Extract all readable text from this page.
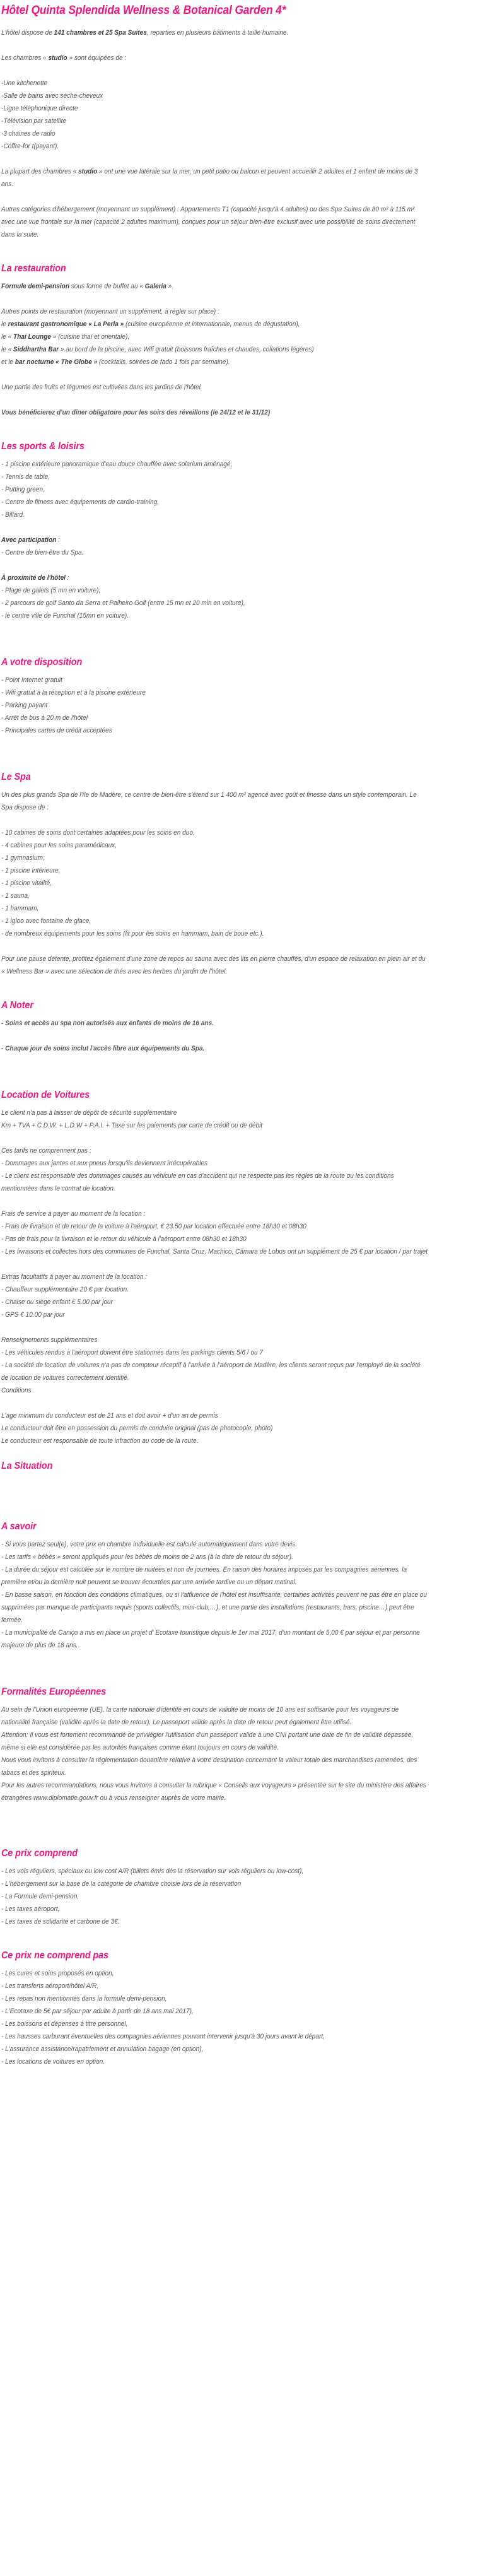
Hôtel Quinta Splendida Wellness & Botanical Garden 4*

L'hôtel dispose de 141 chambres et 25 Spa Suites, reparties en plusieurs bâtiments à taille humaine.

Les chambres « studio » sont équipées de :

-Une kitchenette
-Salle de bains avec sèche-cheveux
-Ligne téléphonique directe
-Télévision par satellite
-3 chaines de radio
-Coffre-for t(payant).

La plupart des chambres « studio » ont une vue latérale sur la mer, un petit patio ou balcon et peuvent accueillir 2 adultes et 1 enfant de moins de 3 ans.

Autres catégories d'hébergement (moyennant un supplément) : Appartements T1 (capacité jusqu'à 4 adultes) ou des Spa Suites de 80 m² à 115 m² avec une vue frontale sur la mer (capacité 2 adultes maximum), conçues pour un séjour bien-être exclusif avec une possibilité de soins directement dans la suite.

La restauration

Formule demi-pension sous forme de buffet au « Galeria ».

Autres points de restauration (moyennant un supplément, à régler sur place) :

le restaurant gastronomique « La Perla » (cuisine européenne et internationale, menus de dégustation),

le « Thai Lounge » (cuisine thaï et orientale),

le « Siddhartha Bar » au bord de la piscine, avec Wifi gratuit (boissons fraîches et chaudes, collations légères)

et le bar nocturne « The Globe » (cocktails, soirées de fado 1 fois par semaine).

Une partie des fruits et légumes est cultivées dans les jardins de l'hôtel.

Vous bénéficierez d'un dîner obligatoire pour les soirs des réveillons (le 24/12 et le 31/12)

Les sports & loisirs
- 1 piscine extérieure panoramique d'eau douce chauffée avec solarium aménagé,
- Tennis de table,
- Putting green,
- Centre de fitness avec équipements de cardio-training,
- Billard.

Avec participation :

- Centre de bien-être du Spa.

À proximité de l'hôtel :

- Plage de galets (5 mn en voiture),
- 2 parcours de golf Santo da Serra et Palheiro Golf (entre 15 mn et 20 min en voiture),
- le centre ville de Funchal (15mn en voiture).
A votre disposition
- Point Internet gratuit
- Wifi gratuit à la réception et à la piscine extérieure
- Parking payant
- Arrêt de bus à 20 m de l'hôtel
- Principales cartes de crédit acceptées
Le Spa

Un des plus grands Spa de l'île de Madère, ce centre de bien-être s'étend sur 1 400 m² agencé avec goût et finesse dans un style contemporain. Le Spa dispose de :

- 10 cabines de soins dont certaines adaptées pour les soins en duo,
- 4 cabines pour les soins paramédicaux,
- 1 gymnasium,
- 1 piscine intérieure,
- 1 piscine vitalité,
- 1 sauna,
- 1 hammam,
- 1 igloo avec fontaine de glace,
- de nombreux équipements pour les soins (lit pour les soins en hammam, bain de boue etc.).

Pour une pause détente, profitez également d'une zone de repos au sauna avec des lits en pierre chauffés, d'un espace de relaxation en plein air et du « Wellness Bar » avec une sélection de thés avec les herbes du jardin de l'hôtel.

A Noter

- Soins et accès au spa non autorisés aux enfants de moins de 16 ans.

- Chaque jour de soins inclut l'accès libre aux équipements du Spa.

Location de Voitures

Le client n'a pas à laisser de dépôt de sécurité supplémentaire

Km + TVA + C.D.W. + L.D.W + P.A.I. + Taxe sur les paiements par carte de crédit ou de débit

Ces tarifs ne comprennent pas :

- Dommages aux jantes et aux pneus lorsqu'ils deviennent irrécupérables

- Le client est responsable des dommages causés au véhicule en cas d'accident qui ne respecte pas les règles de la route ou les conditions mentionnées dans le contrat de location.

Frais de service à payer au moment de la location :

- Frais de livraison et de retour de la voiture à l'aéroport, € 23.50 par location effectuée entre 18h30 et 08h30

- Pas de frais pour la livraison et le retour du véhicule à l'aéroport entre 08h30 et 18h30

- Les livraisons et collectes hors des communes de Funchal, Santa Cruz, Machico, Câmara de Lobos ont un supplément de 25 € par location / par trajet

Extras facultatifs à payer au moment de la location :

- Chauffeur supplémentaire 20 € par location.

- Chaise ou siège enfant € 5.00 par jour

- GPS € 10.00 par jour

Renseignements supplémentaires

- Les véhicules rendus à l'aéroport doivent être stationnés dans les parkings clients 5/6 / ou 7

- La société de location de voitures n'a pas de compteur réceptif à l'arrivée à l'aéroport de Madère, les clients seront reçus par l'employé de la société de location de voitures correctement identifié.

Conditions

L'age minimum du conducteur est de 21 ans et doit avoir + d'un an de permis

Le conducteur doit être en possession du permis de conduire original (pas de photocopie, photo)

Le conducteur est responsable de toute infraction au code de la route.

La Situation
A savoir

- Si vous partez seul(e), votre prix en chambre individuelle est calculé automatiquement dans votre devis.

- Les tarifs « bébés » seront appliqués pour les bébés de moins de 2 ans (à la date de retour du séjour).

- La durée du séjour est calculée sur le nombre de nuitées et non de journées. En raison des horaires imposés par les compagnies aériennes, la première et/ou la dernière nuit peuvent se trouver écourtées par une arrivée tardive ou un départ matinal.

- En basse saison, en fonction des conditions climatiques, ou si l'affluence de l'hôtel est insuffisante, certaines activités peuvent ne pas être en place ou supprimées par manque de participants requis (sports collectifs, mini-club,…), et une partie des installations (restaurants, bars, piscine…) peut être fermée.

- La municipalité de Caniço a mis en place un projet d' Ecotaxe touristique depuis le 1er mai 2017, d'un montant de 5,00 € par séjour et par personne majeure de plus de 18 ans.

Formalités Européennes

Au sein de l'Union européenne (UE), la carte nationale d'identité en cours de validité de moins de 10 ans est suffisante pour les voyageurs de nationalité française (validite après la date de retour). Le passeport valide après la date de retour peut également être utilisé.

Attention: Il vous est fortement recommandé de privilégier l'utilisation d'un passeport valide à une CNI portant une date de fin de validité dépassée, même si elle est considérée par les autorités françaises comme étant toujours en cours de validité.

Nous vous invitons à consulter la réglementation douanière relative à votre destination concernant la valeur totale des marchandises ramenées, des tabacs et des spiriteux.

Pour les autres recommandations, nous vous invitons à consulter la rubrique « Conseils aux voyageurs » présentée sur le site du ministère des affaires étrangères www.diplomatie.gouv.fr ou à vous renseigner auprès de votre mairie.

Ce prix comprend
- Les vols réguliers, spéciaux ou low cost A/R (billets émis dès la réservation sur vols réguliers ou low-cost),
- L'hébergement sur la base de la catégorie de chambre choisie lors de la réservation
- La Formule demi-pension,
- Les taxes aéroport,
- Les taxes de solidarité et carbone de 3€.
Ce prix ne comprend pas
- Les cures et soins proposés en option,
- Les transferts aéroport/hôtel A/R,
- Les repas non mentionnés dans la formule demi-pension,
- L'Ecotaxe de 5€ par séjour par adulte à partir de 18 ans mai 2017),
- Les boissons et dépenses à titre personnel,
- Les hausses carburant éventuelles des compagnies aériennes pouvant intervenir jusqu'à 30 jours avant le départ,
- L'assurance assistance/rapatriement et annulation bagage (en option),
- Les locations de voitures en option.
